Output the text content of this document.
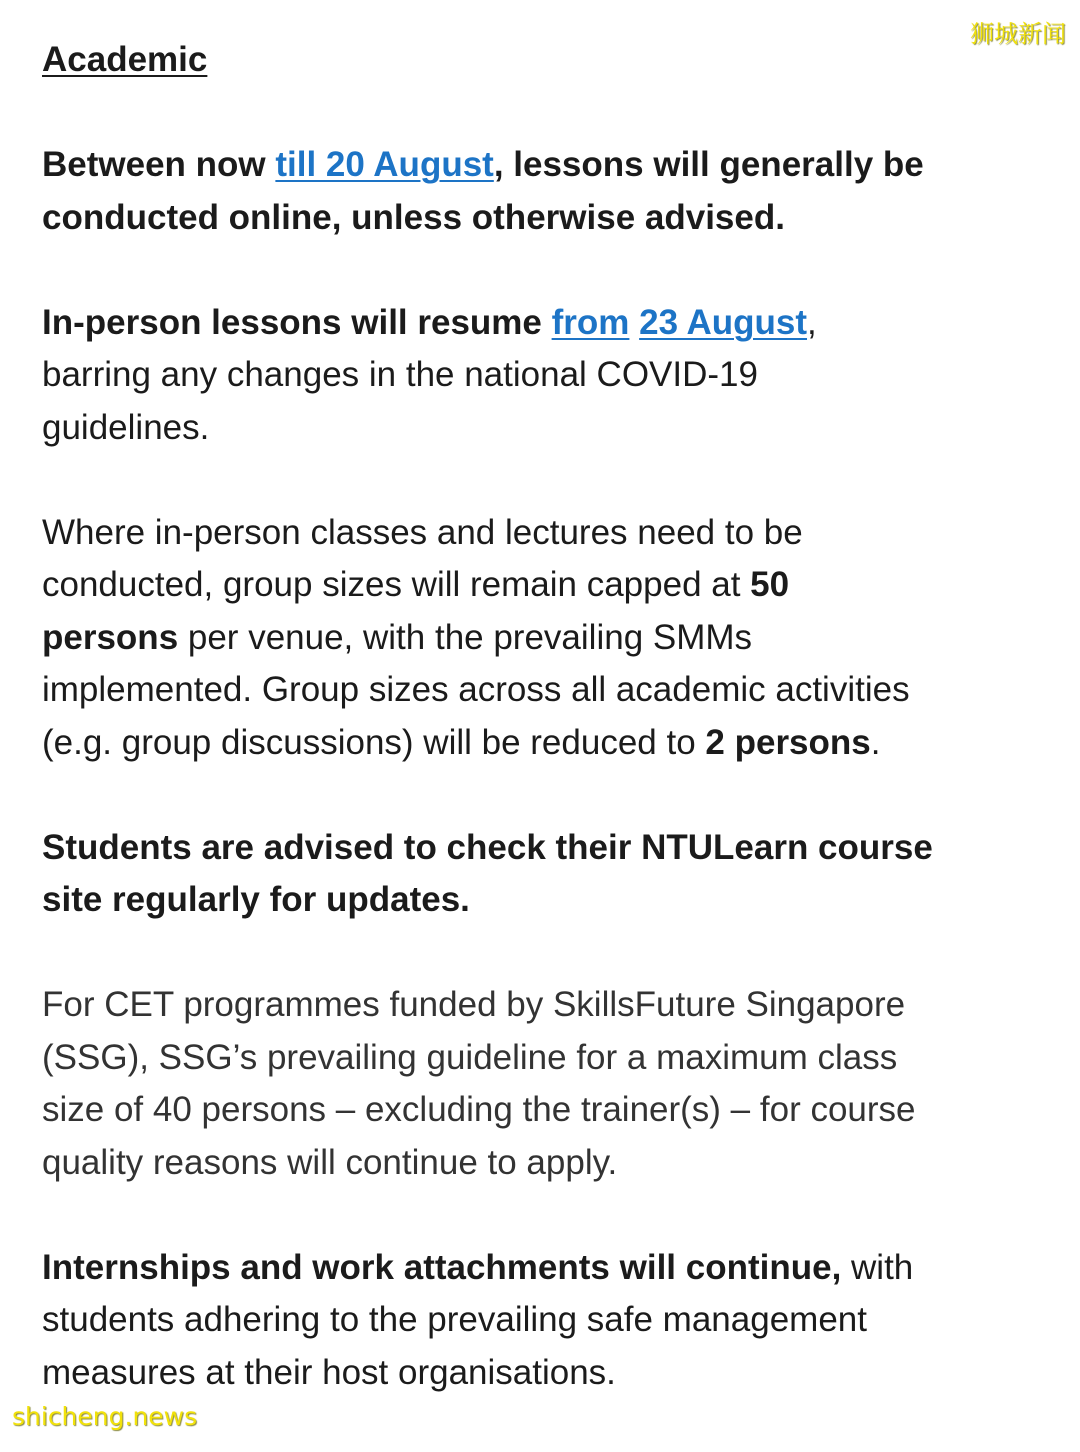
Academic
Between now till 20 August, lessons will generally be
conducted online, unless otherwise advised.
In-person lessons will resume from 23 August,
barring any changes in the national COVID-19
guidelines.
Where in-person classes and lectures need to be
conducted, group sizes will remain capped at 50
persons per venue, with the prevailing SMMs
implemented. Group sizes across all academic activities
(e.g. group discussions) will be reduced to 2 persons.
Students are advised to check their NTULearn course
site regularly for updates.
For CET programmes funded by SkillsFuture Singapore
(SSG), SSG’s prevailing guideline for a maximum class
size of 40 persons – excluding the trainer(s) – for course
quality reasons will continue to apply.
Internships and work attachments will continue, with
students adhering to the prevailing safe management
measures at their host organisations.
狮城新闻
shicheng.news
